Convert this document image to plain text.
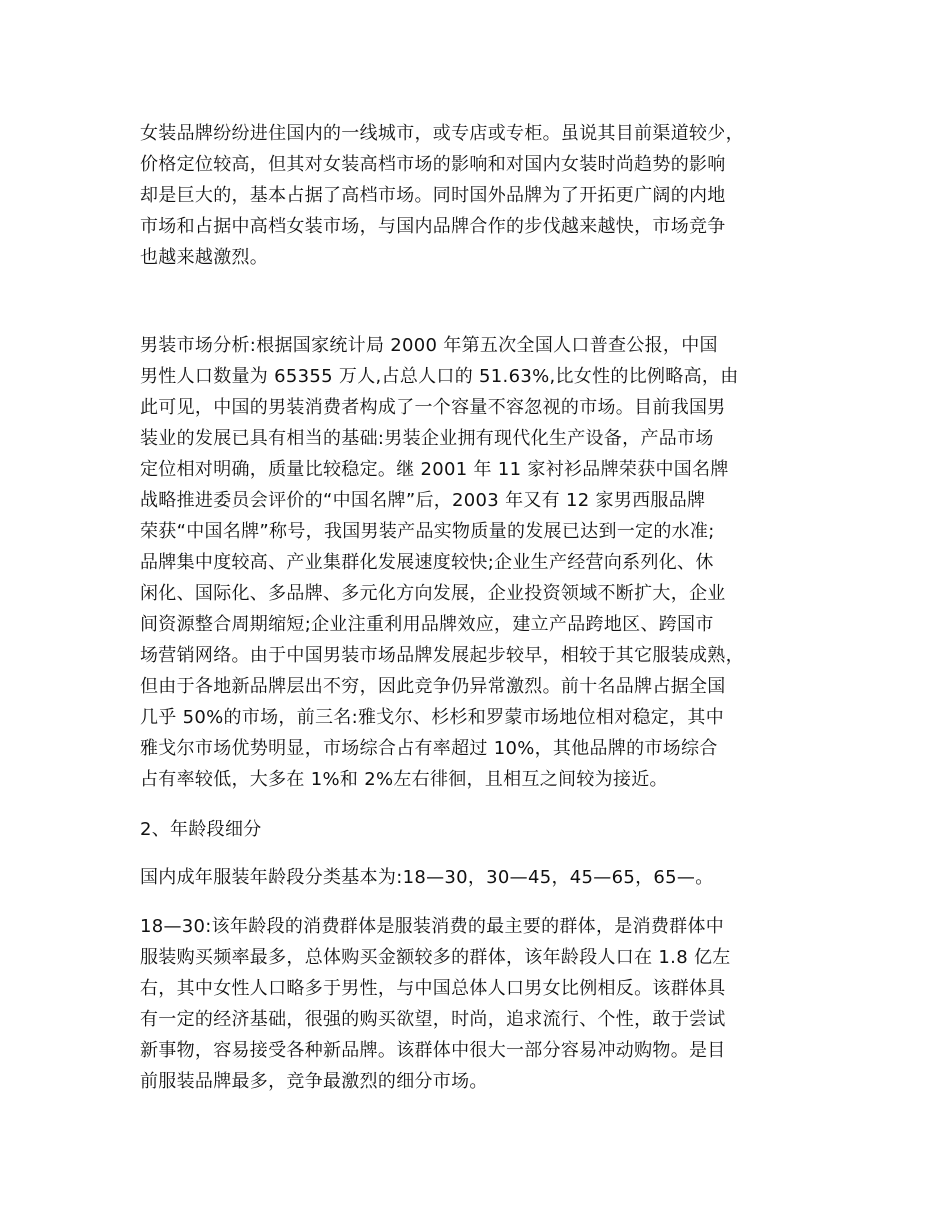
女装品牌纷纷进住国内的一线城市，或专店或专柜。虽说其目前渠道较少，
价格定位较高，但其对女装高档市场的影响和对国内女装时尚趋势的影响
却是巨大的，基本占据了高档市场。同时国外品牌为了开拓更广阔的内地
市场和占据中高档女装市场，与国内品牌合作的步伐越来越快，市场竞争
也越来越激烈。
男装市场分析:根据国家统计局 2000 年第五次全国人口普查公报，中国
男性人口数量为 65355 万人,占总人口的 51.63%,比女性的比例略高，由
此可见，中国的男装消费者构成了一个容量不容忽视的市场。目前我国男
装业的发展已具有相当的基础:男装企业拥有现代化生产设备，产品市场
定位相对明确，质量比较稳定。继 2001 年 11 家衬衫品牌荣获中国名牌
战略推进委员会评价的“中国名牌”后，2003 年又有 12 家男西服品牌
荣获“中国名牌”称号，我国男装产品实物质量的发展已达到一定的水准;
品牌集中度较高、产业集群化发展速度较快;企业生产经营向系列化、休
闲化、国际化、多品牌、多元化方向发展，企业投资领域不断扩大，企业
间资源整合周期缩短;企业注重利用品牌效应，建立产品跨地区、跨国市
场营销网络。由于中国男装市场品牌发展起步较早，相较于其它服装成熟，
但由于各地新品牌层出不穷，因此竞争仍异常激烈。前十名品牌占据全国
几乎 50%的市场，前三名:雅戈尔、杉杉和罗蒙市场地位相对稳定，其中
雅戈尔市场优势明显，市场综合占有率超过 10%，其他品牌的市场综合
占有率较低，大多在 1%和 2%左右徘徊，且相互之间较为接近。
2、年龄段细分
国内成年服装年龄段分类基本为:18—30，30—45，45—65，65—。
18—30:该年龄段的消费群体是服装消费的最主要的群体，是消费群体中
服装购买频率最多，总体购买金额较多的群体，该年龄段人口在 1.8 亿左
右，其中女性人口略多于男性，与中国总体人口男女比例相反。该群体具
有一定的经济基础，很强的购买欲望，时尚，追求流行、个性，敢于尝试
新事物，容易接受各种新品牌。该群体中很大一部分容易冲动购物。是目
前服装品牌最多，竞争最激烈的细分市场。
